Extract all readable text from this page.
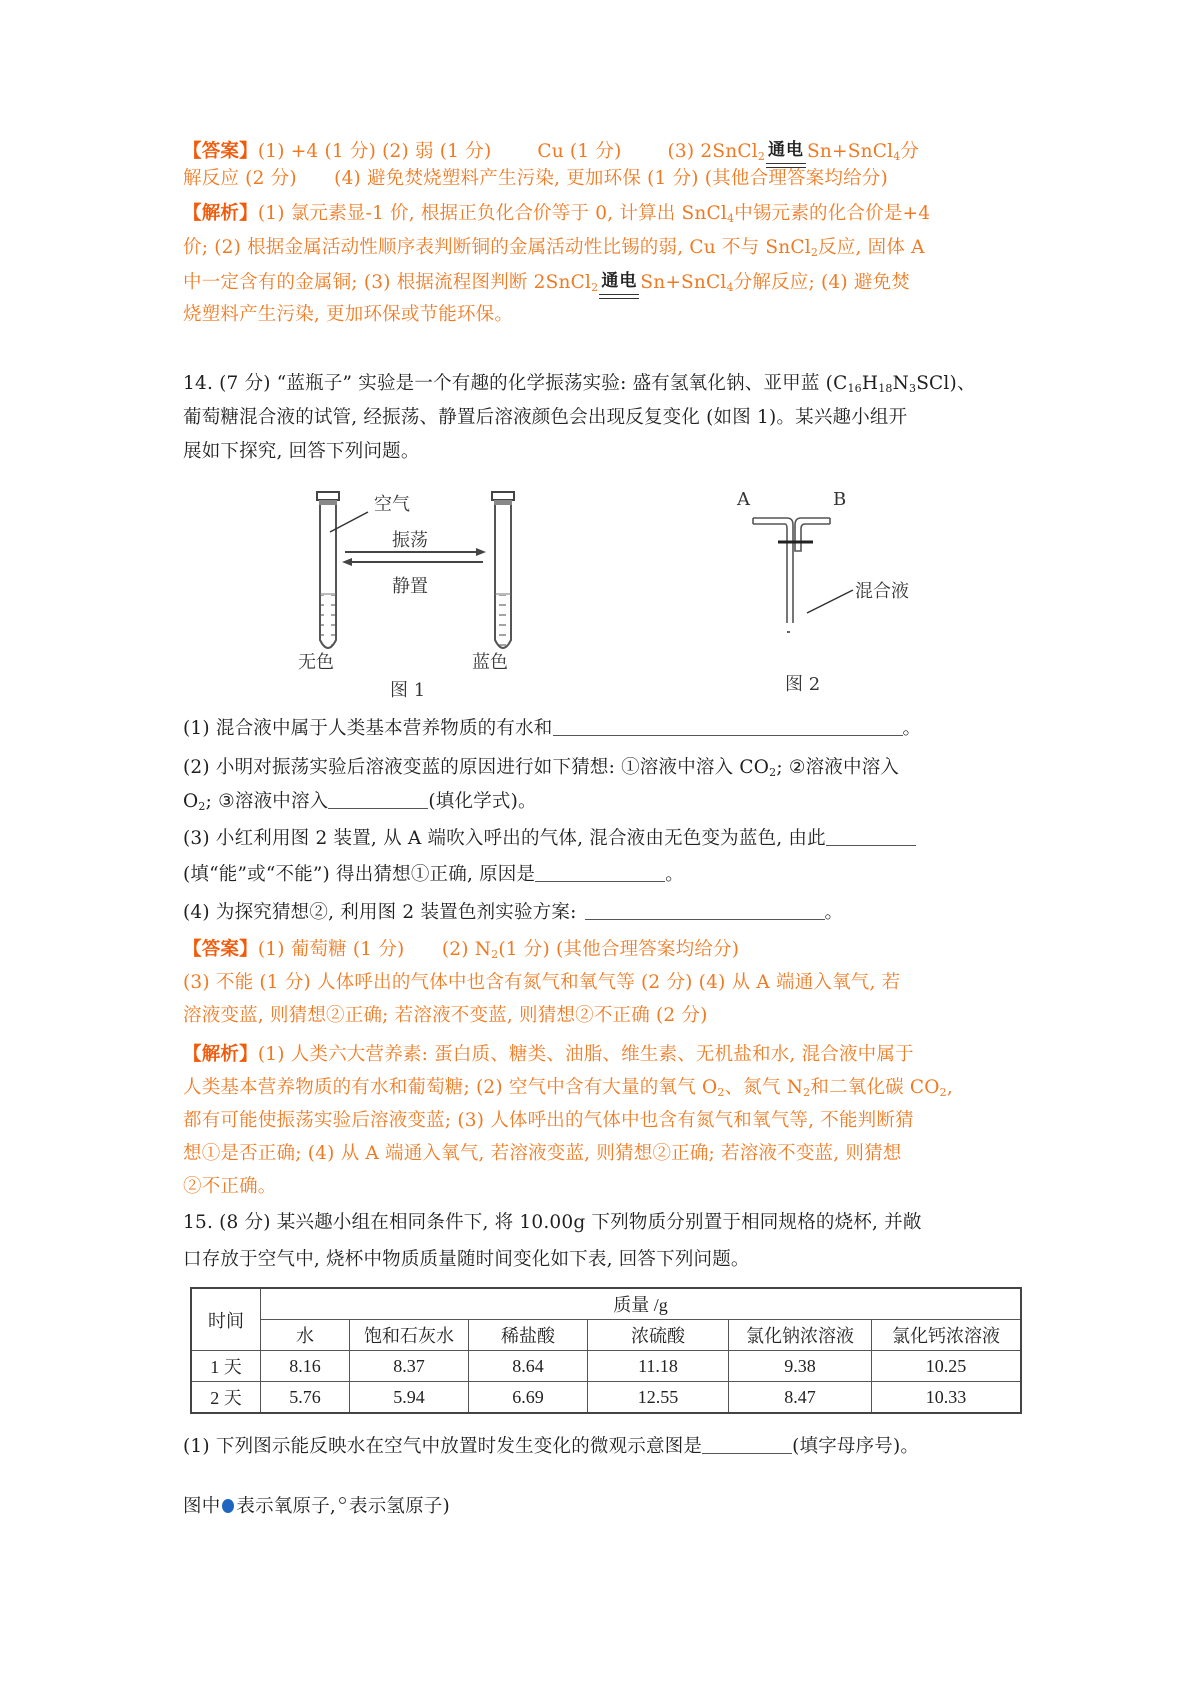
【答案】(1) +4 (1 分) (2) 弱 (1 分) Cu (1 分) (3) 2SnCl$_2$ 通电 Sn+SnCl$_4$分
解反应 (2 分)　　(4) 避免焚烧塑料产生污染, 更加环保 (1 分) (其他合理答案均给分)
【解析】(1) 氯元素显-1 价, 根据正负化合价等于 0, 计算出 SnCl$_4$中锡元素的化合价是+4
价; (2) 根据金属活动性顺序表判断铜的金属活动性比锡的弱, Cu 不与 SnCl$_2$反应, 固体 A
中一定含有的金属铜; (3) 根据流程图判断 2SnCl$_2$ 通电 Sn+SnCl$_4$分解反应; (4) 避免焚
烧塑料产生污染, 更加环保或节能环保。
14. (7 分) “蓝瓶子” 实验是一个有趣的化学振荡实验: 盛有氢氧化钠、亚甲蓝 $(C_{16}H_{18}N_3SCl)$、
葡萄糖混合液的试管, 经振荡、静置后溶液颜色会出现反复变化 (如图 1)。某兴趣小组开
展如下探究, 回答下列问题。
空气
振荡
静置
无色	蓝色
图 1
A	B
混合液
图 2
(1) 混合液中属于人类基本营养物质的有水和	。
(2) 小明对振荡实验后溶液变蓝的原因进行如下猜想: ①溶液中溶入 $CO_2$; ②溶液中溶入
$O_2$; ③溶液中溶入	(填化学式)。
(3) 小红利用图 2 装置, 从 A 端吹入呼出的气体, 混合液由无色变为蓝色, 由此
(填“能”或“不能”) 得出猜想①正确, 原因是	。
(4) 为探究猜想②, 利用图 2 装置色剂实验方案:	。
【答案】(1) 葡萄糖 (1 分)　　(2) $N_2(1$ 分) (其他合理答案均给分)
(3) 不能 (1 分) 人体呼出的气体中也含有氮气和氧气等 (2 分) (4) 从 A 端通入氧气, 若
溶液变蓝, 则猜想②正确; 若溶液不变蓝, 则猜想②不正确 (2 分)
【解析】(1) 人类六大营养素: 蛋白质、糖类、油脂、维生素、无机盐和水, 混合液中属于
人类基本营养物质的有水和葡萄糖; (2) 空气中含有大量的氧气 $O_2$、氮气 $N_2$和二氧化碳 $CO_2$,
都有可能使振荡实验后溶液变蓝; (3) 人体呼出的气体中也含有氮气和氧气等, 不能判断猜
想①是否正确; (4) 从 A 端通入氧气, 若溶液变蓝, 则猜想②正确; 若溶液不变蓝, 则猜想
②不正确。
15. (8 分) 某兴趣小组在相同条件下, 将 10.00g 下列物质分别置于相同规格的烧杯, 并敞
口存放于空气中, 烧杯中物质质量随时间变化如下表, 回答下列问题。
时间	质量 /g					
	水	饱和石灰水	稀盐酸	浓硫酸	氯化钠浓溶液	氯化钙浓溶液
1 天	8.16	8.37	8.64	11.18	9.38	10.25
2 天	5.76	5.94	6.69	12.55	8.47	10.33
(1) 下列图示能反映水在空气中放置时发生变化的微观示意图是	(填字母序号)。
图中 表示氧原子, 表示氢原子)
